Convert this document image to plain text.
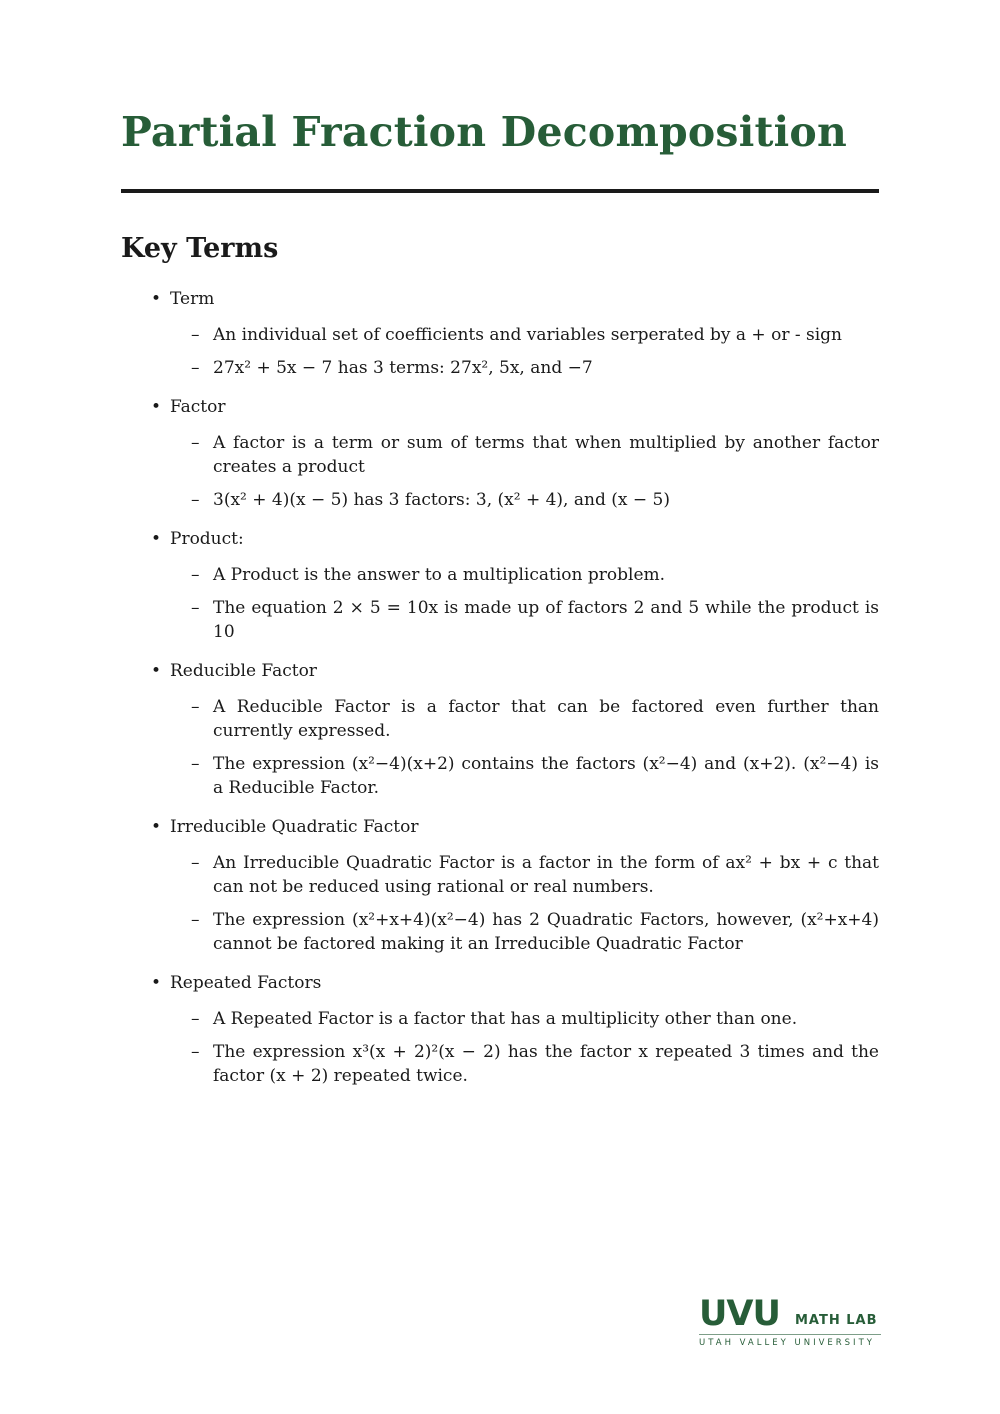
Partial Fraction Decomposition
Key Terms
• Term
– An individual set of coefficients and variables serperated by a + or - sign
– 27x² + 5x − 7 has 3 terms: 27x², 5x, and −7
• Factor
– A factor is a term or sum of terms that when multiplied by another factor creates a product
– 3(x² + 4)(x − 5) has 3 factors: 3, (x² + 4), and (x − 5)
• Product:
– A Product is the answer to a multiplication problem.
– The equation 2 × 5 = 10x is made up of factors 2 and 5 while the product is 10
• Reducible Factor
– A Reducible Factor is a factor that can be factored even further than currently expressed.
– The expression (x²−4)(x+2) contains the factors (x²−4) and (x+2). (x²−4) is a Reducible Factor.
• Irreducible Quadratic Factor
– An Irreducible Quadratic Factor is a factor in the form of ax² + bx + c that can not be reduced using rational or real numbers.
– The expression (x²+x+4)(x²−4) has 2 Quadratic Factors, however, (x²+x+4) cannot be factored making it an Irreducible Quadratic Factor
• Repeated Factors
– A Repeated Factor is a factor that has a multiplicity other than one.
– The expression x³(x + 2)²(x − 2) has the factor x repeated 3 times and the factor (x + 2) repeated twice.
UVU MATH LAB
UTAH VALLEY UNIVERSITY
